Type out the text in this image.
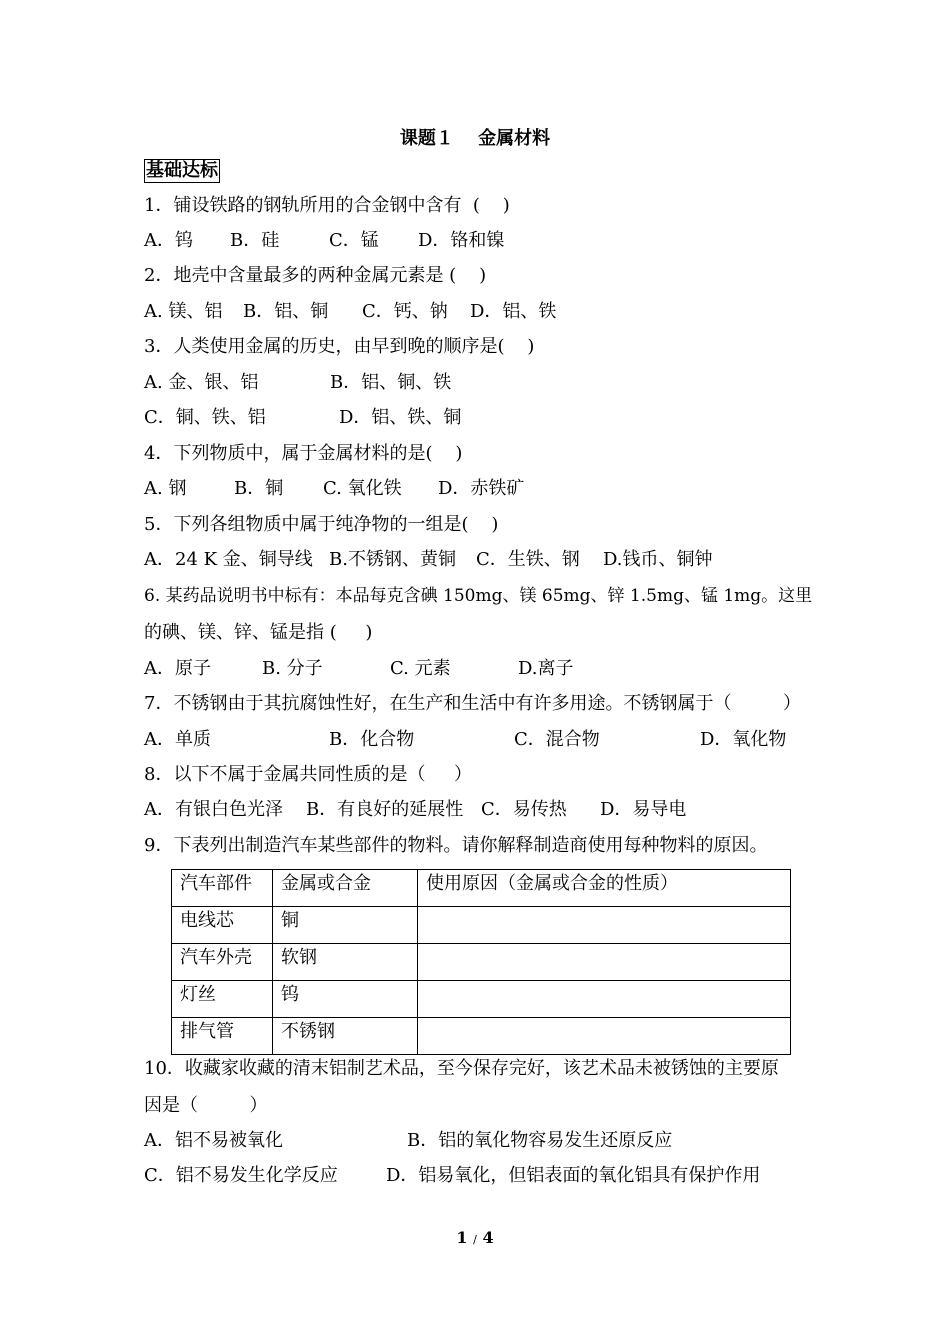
课题１　 金属材料
基础达标
1．铺设铁路的钢轨所用的合金钢中含有  (    )
A．钨 B．硅	C．锰 D．铬和镍
2．地壳中含量最多的两种金属元素是 (    )
A. 镁、铝 B．铝、铜 C．钙、钠 D．铝、铁
3．人类使用金属的历史，由早到晚的顺序是(    )
A. 金、银、铝	B．铝、铜、铁
C．铜、铁、铝	D．铝、铁、铜
4．下列物质中，属于金属材料的是(    )
A. 钢	B．铜 C. 氧化铁 D．赤铁矿
5．下列各组物质中属于纯净物的一组是(    )
A．24 K 金、铜导线 B.不锈钢、黄铜 C．生铁、钢 D.钱币、铜钟
6. 某药品说明书中标有：本品每克含碘 150mg、镁 65mg、锌 1.5mg、锰 1mg。这里
的碘、镁、锌、锰是指 (     )
A．原子	B. 分子	C. 元素	D.离子
7．不锈钢由于其抗腐蚀性好，在生产和生活中有许多用途。不锈钢属于（         ）
A．单质	B．化合物	C．混合物	D．氧化物
8．以下不属于金属共同性质的是（     ）
A．有银白色光泽 B．有良好的延展性 C．易传热 D．易导电
9．下表列出制造汽车某些部件的物料。请你解释制造商使用每种物料的原因。
汽车部件	金属或合金	使用原因（金属或合金的性质）
电线芯	铜	
汽车外壳	软钢	
灯丝	钨	
排气管	不锈钢	
10．收藏家收藏的清末铝制艺术品，至今保存完好，该艺术品未被锈蚀的主要原
因是（         ）
A．铝不易被氧化	B．铝的氧化物容易发生还原反应
C．铝不易发生化学反应	D．铝易氧化，但铝表面的氧化铝具有保护作用
1 / 4
